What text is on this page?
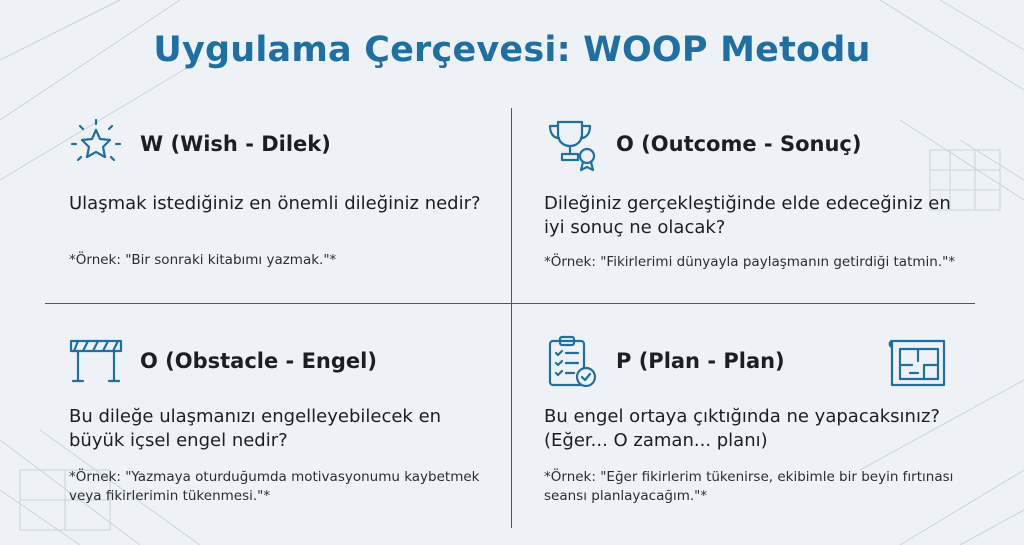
Uygulama Çerçevesi: WOOP Metodu
W (Wish - Dilek)
Ulaşmak istediğiniz en önemli dileğiniz nedir?
*Örnek: "Bir sonraki kitabımı yazmak."*
O (Outcome - Sonuç)
Dileğiniz gerçekleştiğinde elde edeceğiniz en iyi sonuç ne olacak?
*Örnek: "Fikirlerimi dünyayla paylaşmanın getirdiği tatmin."*
O (Obstacle - Engel)
Bu dileğe ulaşmanızı engelleyebilecek en büyük içsel engel nedir?
*Örnek: "Yazmaya oturduğumda motivasyonumu kaybetmek veya fikirlerimin tükenmesi."*
P (Plan - Plan)
Bu engel ortaya çıktığında ne yapacaksınız? (Eğer... O zaman... planı)
*Örnek: "Eğer fikirlerim tükenirse, ekibimle bir beyin fırtınası seansı planlayacağım."*
